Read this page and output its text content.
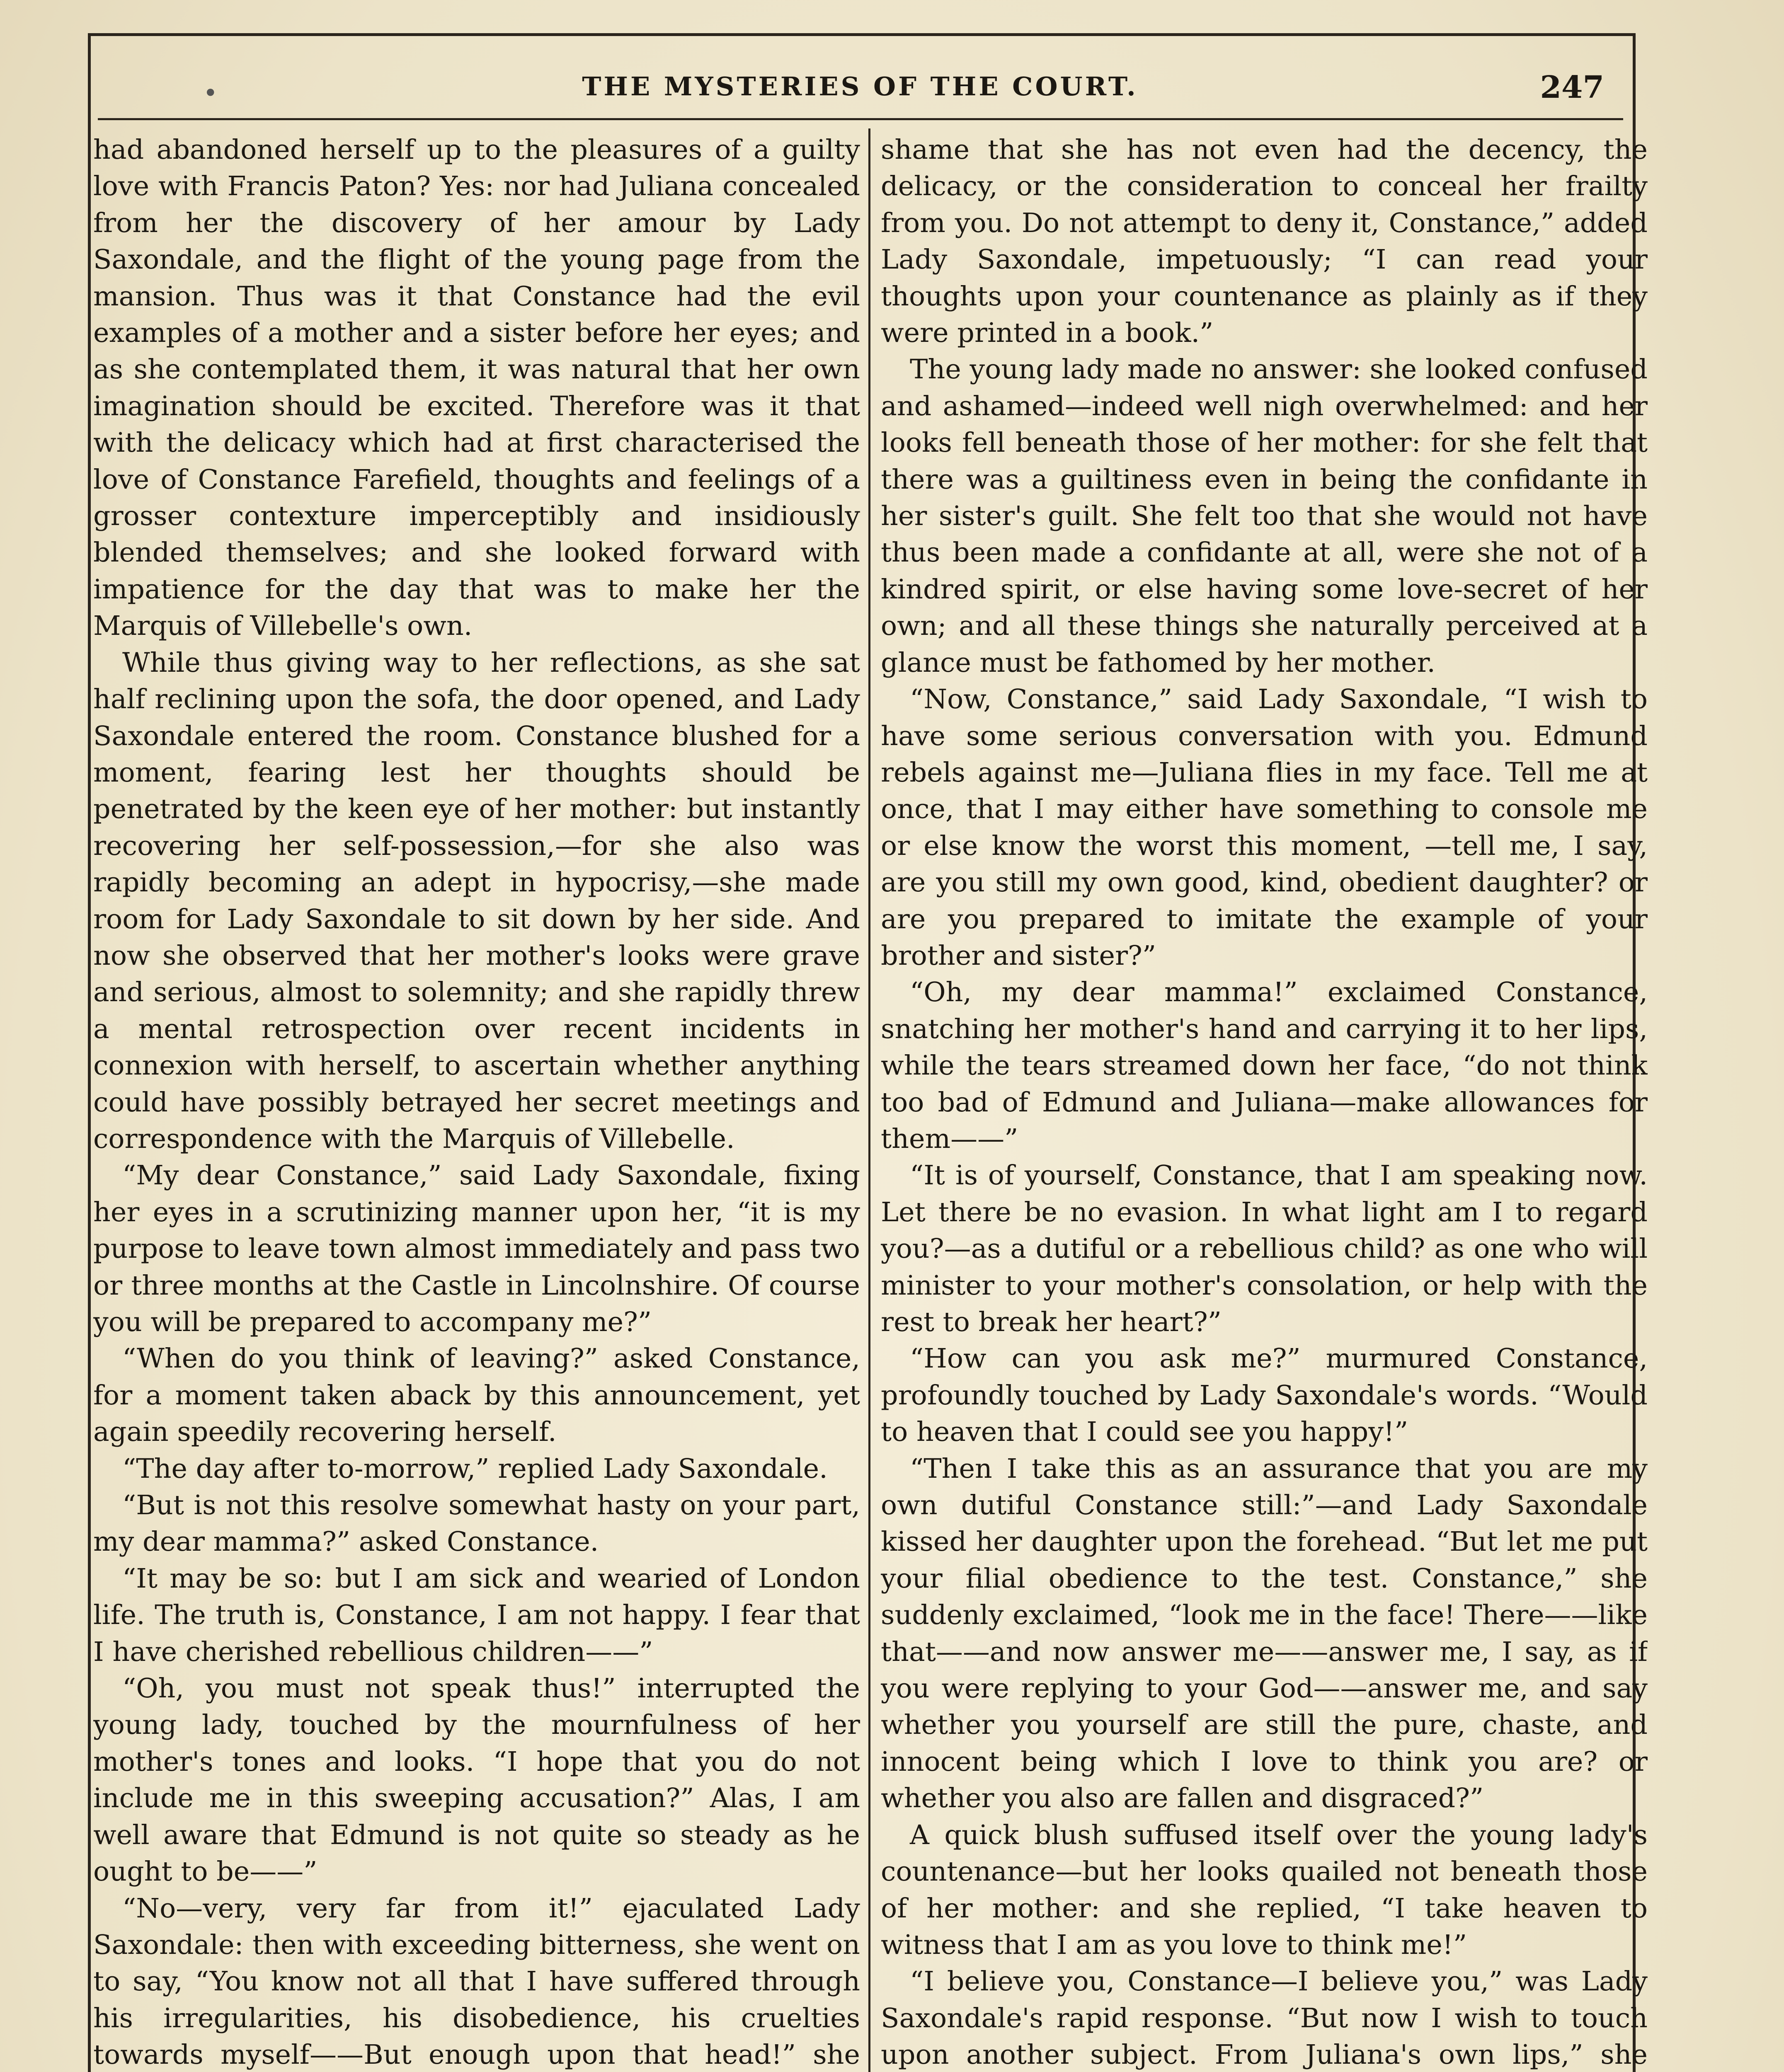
•	THE MYSTERIES OF THE COURT.	247

had abandoned herself up to the pleasures of a guilty love with Francis Paton? Yes: nor had Juliana concealed from her the discovery of her amour by Lady Saxondale, and the flight of the young page from the mansion. Thus was it that Constance had the evil examples of a mother and a sister before her eyes; and as she contemplated them, it was natural that her own imagination should be excited. Therefore was it that with the delicacy which had at first characterised the love of Constance Farefield, thoughts and feelings of a grosser contexture imperceptibly and insidiously blended themselves; and she looked forward with impatience for the day that was to make her the Marquis of Villebelle's own.

While thus giving way to her reflections, as she sat half reclining upon the sofa, the door opened, and Lady Saxondale entered the room. Constance blushed for a moment, fearing lest her thoughts should be penetrated by the keen eye of her mother: but instantly recovering her self-possession,—for she also was rapidly becoming an adept in hypocrisy,—she made room for Lady Saxondale to sit down by her side. And now she observed that her mother's looks were grave and serious, almost to solemnity; and she rapidly threw a mental retrospection over recent incidents in connexion with herself, to ascertain whether anything could have possibly betrayed her secret meetings and correspondence with the Marquis of Villebelle.

“My dear Constance,” said Lady Saxondale, fixing her eyes in a scrutinizing manner upon her, “it is my purpose to leave town almost immediately and pass two or three months at the Castle in Lincolnshire. Of course you will be prepared to accompany me?”

“When do you think of leaving?” asked Constance, for a moment taken aback by this announcement, yet again speedily recovering herself.

“The day after to-morrow,” replied Lady Saxondale.

“But is not this resolve somewhat hasty on your part, my dear mamma?” asked Constance.

“It may be so: but I am sick and wearied of London life. The truth is, Constance, I am not happy. I fear that I have cherished rebellious children——”

“Oh, you must not speak thus!” interrupted the young lady, touched by the mournfulness of her mother's tones and looks. “I hope that you do not include me in this sweeping accusation?” Alas, I am well aware that Edmund is not quite so steady as he ought to be——”

“No—very, very far from it!” ejaculated Lady Saxondale: then with exceeding bitterness, she went on to say, “You know not all that I have suffered through his irregularities, his disobedience, his cruelties towards myself——But enough upon that head!” she

shame that she has not even had the decency, the delicacy, or the consideration to conceal her frailty from you. Do not attempt to deny it, Constance,” added Lady Saxondale, impetuously; “I can read your thoughts upon your countenance as plainly as if they were printed in a book.”

The young lady made no answer: she looked confused and ashamed—indeed well nigh overwhelmed: and her looks fell beneath those of her mother: for she felt that there was a guiltiness even in being the confidante in her sister's guilt. She felt too that she would not have thus been made a confidante at all, were she not of a kindred spirit, or else having some love-secret of her own; and all these things she naturally perceived at a glance must be fathomed by her mother.

“Now, Constance,” said Lady Saxondale, “I wish to have some serious conversation with you. Edmund rebels against me—Juliana flies in my face. Tell me at once, that I may either have something to console me or else know the worst this moment, —tell me, I say, are you still my own good, kind, obedient daughter? or are you prepared to imitate the example of your brother and sister?”

“Oh, my dear mamma!” exclaimed Constance, snatching her mother's hand and carrying it to her lips, while the tears streamed down her face, “do not think too bad of Edmund and Juliana—make allowances for them——”

“It is of yourself, Constance, that I am speaking now. Let there be no evasion. In what light am I to regard you?—as a dutiful or a rebellious child? as one who will minister to your mother's consolation, or help with the rest to break her heart?”

“How can you ask me?” murmured Constance, profoundly touched by Lady Saxondale's words. “Would to heaven that I could see you happy!”

“Then I take this as an assurance that you are my own dutiful Constance still:”—and Lady Saxondale kissed her daughter upon the forehead. “But let me put your filial obedience to the test. Constance,” she suddenly exclaimed, “look me in the face! There——like that——and now answer me——answer me, I say, as if you were replying to your God——answer me, and say whether you yourself are still the pure, chaste, and innocent being which I love to think you are? or whether you also are fallen and disgraced?”

A quick blush suffused itself over the young lady's countenance—but her looks quailed not beneath those of her mother: and she replied, “I take heaven to witness that I am as you love to think me!”

“I believe you, Constance—I believe you,” was Lady Saxondale's rapid response. “But now I wish to touch upon another subject. From Juliana's own lips,” she
